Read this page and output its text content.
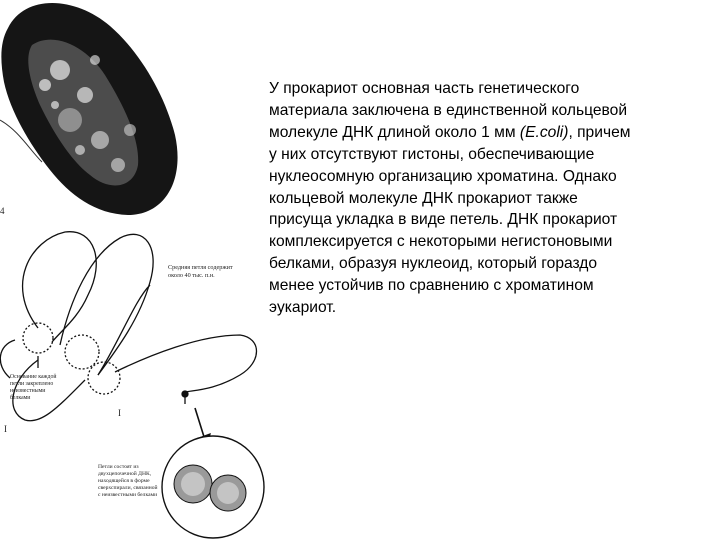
4
Средняя петля содержит
около 40 тыс. п.н.
Основание каждой
петли закреплено
неизвестными
белками
I
I
Петли состоят из
двухцепочечной ДНК,
находящейся в форме
сверхспирали, связанной
с неизвестными белками

У прокариот основная часть генетического
материала заключена в единственной кольцевой
молекуле ДНК длиной около 1 мм (E.coli), причем
у них отсутствуют гистоны, обеспечивающие
нуклеосомную организацию хроматина. Однако
кольцевой молекуле ДНК прокариот также
присуща укладка в виде петель. ДНК прокариот
комплексируется с некоторыми негистоновыми
белками, образуя нуклеоид, который гораздо
менее устойчив по сравнению с хроматином
эукариот.
